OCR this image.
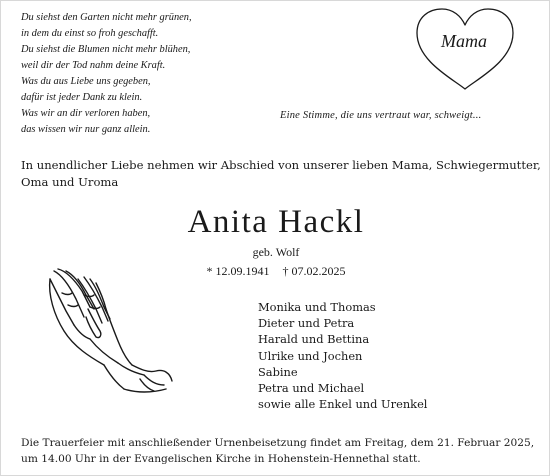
Du siehst den Garten nicht mehr grünen,
in dem du einst so froh geschafft.
Du siehst die Blumen nicht mehr blühen,
weil dir der Tod nahm deine Kraft.
Was du aus Liebe uns gegeben,
dafür ist jeder Dank zu klein.
Was wir an dir verloren haben,
das wissen wir nur ganz allein.
Mama
Eine Stimme, die uns vertraut war, schweigt...
In unendlicher Liebe nehmen wir Abschied von unserer lieben Mama, Schwiegermutter, Oma und Uroma
Anita Hackl
geb. Wolf
* 12.09.1941 † 07.02.2025
Monika und Thomas
Dieter und Petra
Harald und Bettina
Ulrike und Jochen
Sabine
Petra und Michael
sowie alle Enkel und Urenkel
Die Trauerfeier mit anschließender Urnenbeisetzung findet am Freitag, dem 21. Februar 2025,
um 14.00 Uhr in der Evangelischen Kirche in Hohenstein-Hennethal statt.
